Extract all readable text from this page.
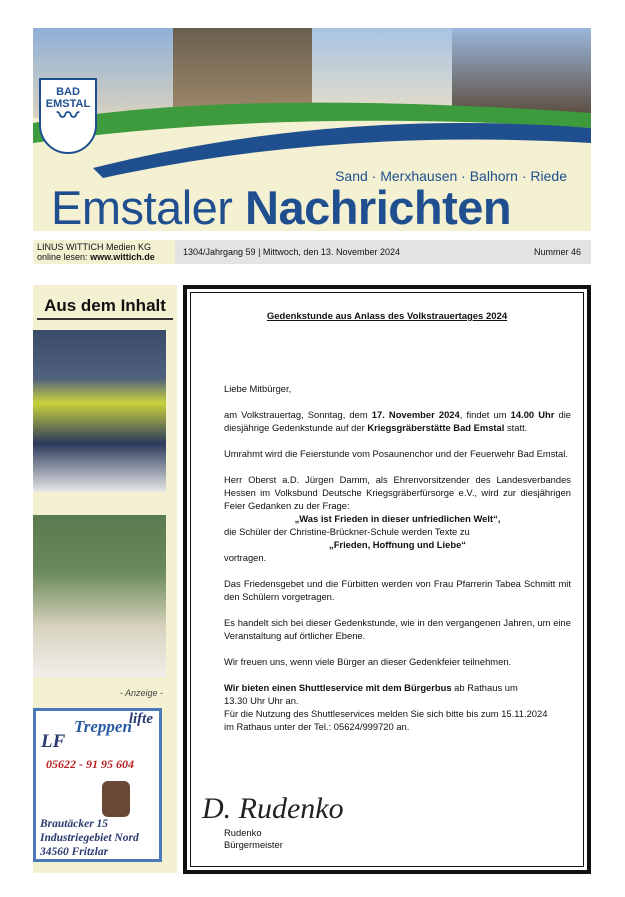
BAD
EMSTAL
〰
Sand · Merxhausen · Balhorn · Riede
Emstaler Nachrichten
LINUS WITTICH Medien KG
online lesen: www.wittich.de	1304/Jahrgang 59 | Mittwoch, den 13. November 2024	Nummer 46
Aus dem Inhalt
- Anzeige -
Treppen
lifte
LF
05622 - 91 95 604
Brautäcker 15
Industriegebiet Nord
34560 Fritzlar
Gedenkstunde aus Anlass des Volkstrauertages 2024

Liebe Mitbürger,

am Volkstrauertag, Sonntag, dem 17. November 2024, findet um 14.00 Uhr die diesjährige Gedenkstunde auf der Kriegsgräberstätte Bad Emstal statt.

Umrahmt wird die Feierstunde vom Posaunenchor und der Feuerwehr Bad Emstal.

Herr Oberst a.D. Jürgen Damm, als Ehrenvorsitzender des Landesverbandes Hessen im Volksbund Deutsche Kriegsgräberfürsorge e.V., wird zur diesjährigen Feier Gedanken zu der Frage:

„Was ist Frieden in dieser unfriedlichen Welt“,

die Schüler der Christine-Brückner-Schule werden Texte zu

„Frieden, Hoffnung und Liebe“

vortragen.

Das Friedensgebet und die Fürbitten werden von Frau Pfarrerin Tabea Schmitt mit den Schülern vorgetragen.

Es handelt sich bei dieser Gedenkstunde, wie in den vergangenen Jahren, um eine Veranstaltung auf örtlicher Ebene.

Wir freuen uns, wenn viele Bürger an dieser Gedenkfeier teilnehmen.

Wir bieten einen Shuttleservice mit dem Bürgerbus ab Rathaus um
13.30 Uhr Uhr an.
Für die Nutzung des Shuttleservices melden Sie sich bitte bis zum 15.11.2024
im Rathaus unter der Tel.: 05624/999720 an.

D. Rudenko
Rudenko
Bürgermeister
